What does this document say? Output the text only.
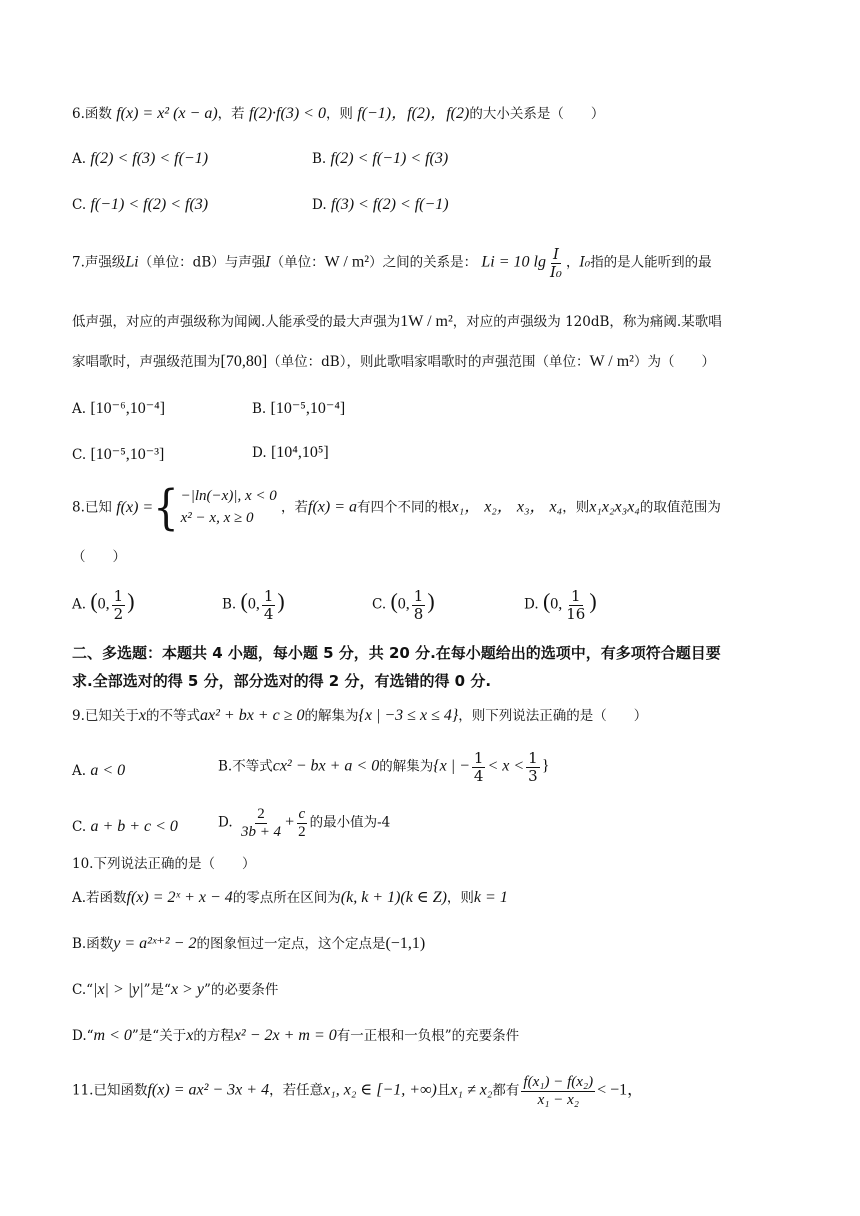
6.函数 f(x) = x² (x − a)，若 f(2)·f(3) < 0，则 f(−1)，f(2)，f(2)的大小关系是（　　）
A. f(2) < f(3) < f(−1)	B. f(2) < f(−1) < f(3)
C. f(−1) < f(2) < f(3)	D. f(3) < f(2) < f(−1)
7.声强级Li（单位：dB）与声强I（单位：W / m²）之间的关系是： Li = 10 $\lg \frac{I}{\text{I₀}}$ ，I₀指的是人能听到的最
低声强，对应的声强级称为闻阈.人能承受的最大声强为1W / m²，对应的声强级为 120dB，称为痛阈.某歌唱
家唱歌时，声强级范围为[70,80]（单位：dB），则此歌唱家唱歌时的声强范围（单位：W / m²）为（　　）
A. [10⁻⁶,10⁻⁴]	B. [10⁻⁵,10⁻⁴]
C. [10⁻⁵,10⁻³]	D. [10⁴,10⁵]
8.已知 f(x) = { −|ln(−x)|, x < 0
x² − x, x ≥ 0
，若f(x) = a有四个不同的根x₁， x₂， x₃， x₄，则x₁x₂x₃x₄的取值范围为
（　　）
A. (0, $\frac{1}{2}$ )	B. (0, $\frac{1}{4}$ )	C. (0, $\frac{1}{8}$ )	D. (0, $\frac{1}{16}$ )
二、多选题：本题共 4 小题，每小题 5 分，共 20 分.在每小题给出的选项中，有多项符合题目要
求.全部选对的得 5 分，部分选对的得 2 分，有选错的得 0 分.
9.已知关于x的不等式ax² + bx + c ≥ 0的解集为{x | −3 ≤ x ≤ 4}，则下列说法正确的是（　　）
A. a < 0	B.不等式cx² − bx + a < 0的解集为{x | − $\frac{1}{4} < x < \frac{1}{3}$ }
C. a + b + c < 0	D. $\frac{2}{3b + 4} + \frac{c}{2}$ 的最小值为-4
10.下列说法正确的是（　　）
A.若函数f(x) = 2ˣ + x − 4的零点所在区间为(k, k + 1)(k ∈ Z)，则k = 1
B.函数y = a²ˣ⁺² − 2的图象恒过一定点，这个定点是(−1,1)
C.“|x| > |y|”是“x > y”的必要条件
D.“m < 0”是“关于x的方程x² − 2x + m = 0有一正根和一负根”的充要条件
11.已知函数f(x) = ax² − 3x + 4，若任意x₁, x₂ ∈ [−1, +∞)且x₁ ≠ x₂都有 $\frac{\text{f(x₁) − f(x₂)}}{\text{x₁ − x₂}} < -1$，
